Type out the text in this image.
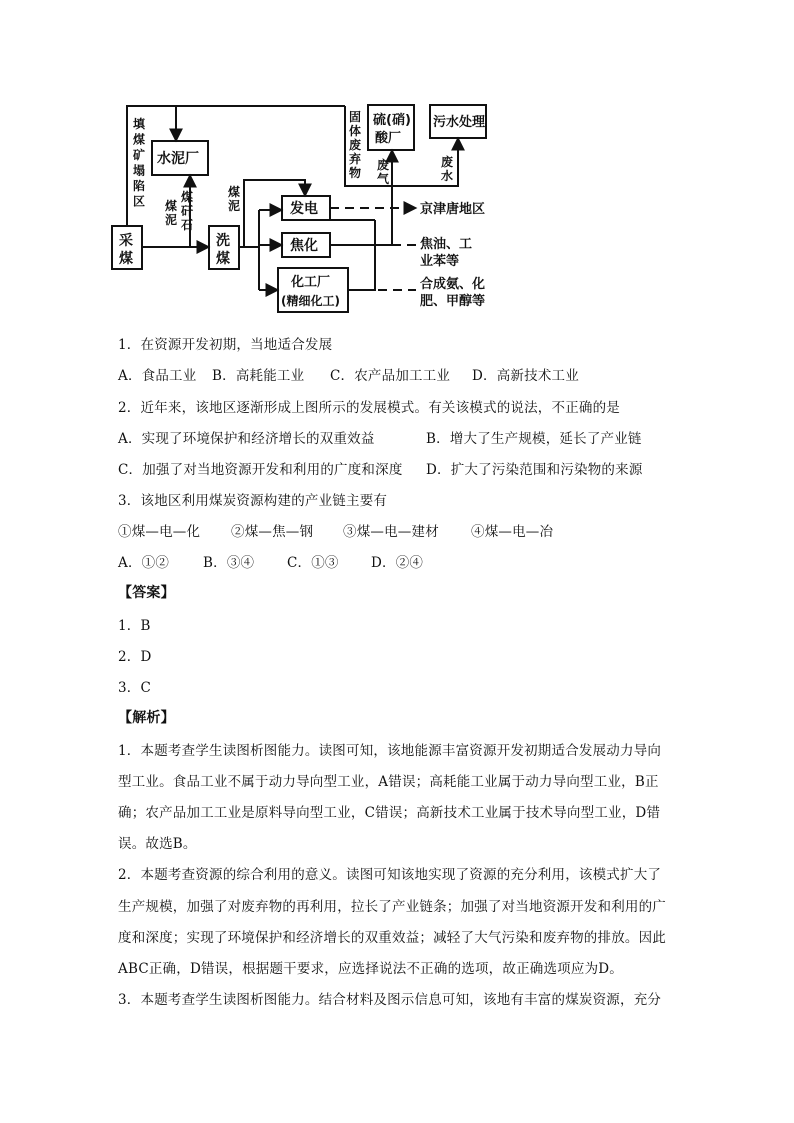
采
煤
洗
煤
水泥厂
发电
焦化
化工厂
(精细化工)
硫(硝)
酸厂
污水处理
填煤矿塌陷区	煤矸石
煤泥
煤泥
固体废弃物
废气
废水
京津唐地区
焦油、工
业苯等
合成氨、化
肥、甲醇等
1．在资源开发初期，当地适合发展
A．食品工业 B．高耗能工业 C．农产品加工工业 D．高新技术工业
2．近年来，该地区逐渐形成上图所示的发展模式。有关该模式的说法，不正确的是
A．实现了环境保护和经济增长的双重效益	B．增大了生产规模，延长了产业链
C．加强了对当地资源开发和利用的广度和深度 D．扩大了污染范围和污染物的来源
3．该地区利用煤炭资源构建的产业链主要有
①煤—电—化 ②煤—焦—钢 ③煤—电—建材 ④煤—电—冶
A．①②	B．③④ C．①③ D．②④
【答案】
1．B
2．D
3．C
【解析】
1．本题考查学生读图析图能力。读图可知，该地能源丰富资源开发初期适合发展动力导向
型工业。食品工业不属于动力导向型工业，A错误；高耗能工业属于动力导向型工业，B正
确；农产品加工工业是原料导向型工业，C错误；高新技术工业属于技术导向型工业，D错
误。故选B。
2．本题考查资源的综合利用的意义。读图可知该地实现了资源的充分利用，该模式扩大了
生产规模，加强了对废弃物的再利用，拉长了产业链条；加强了对当地资源开发和利用的广
度和深度；实现了环境保护和经济增长的双重效益；减轻了大气污染和废弃物的排放。因此
ABC正确，D错误，根据题干要求，应选择说法不正确的选项，故正确选项应为D。
3．本题考查学生读图析图能力。结合材料及图示信息可知，该地有丰富的煤炭资源，充分
